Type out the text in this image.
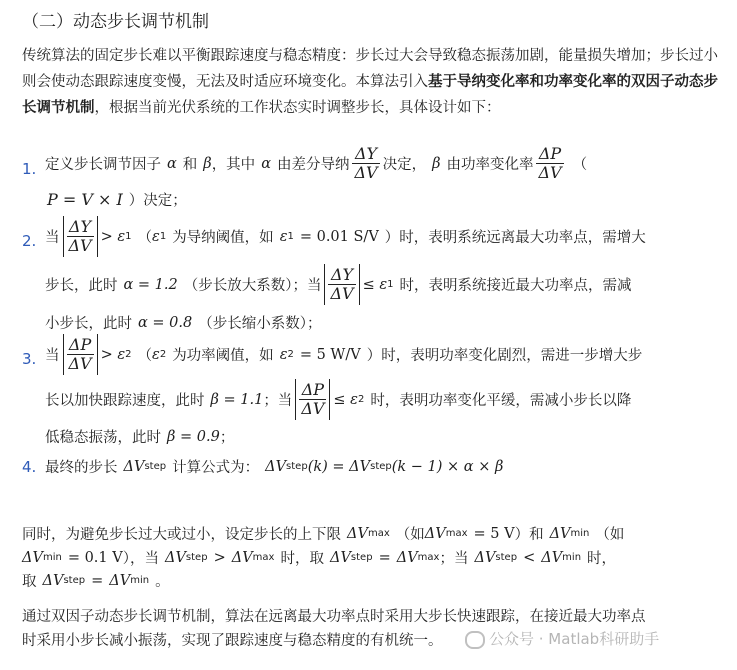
（二）动态步长调节机制
传统算法的固定步长难以平衡跟踪速度与稳态精度：步长过大会导致稳态振荡加剧，能量损失增加；步长过小则会使动态跟踪速度变慢，无法及时适应环境变化。本算法引入基于导纳变化率和功率变化率的双因子动态步长调节机制，根据当前光伏系统的工作状态实时调整步长，具体设计如下：
1. 定义步长调节因子 α 和 β ，其中 α 由差分导纳 $\frac{\Delta Y}{\Delta V}$ 决定， β 由功率变化率 $\frac{\Delta P}{\Delta V}$ （
P = V × I ）决定；
2. 当 $\frac{\Delta Y}{\Delta V} > \varepsilon$ 1 （ ε 1 为导纳阈值，如 ε 1 = 0.01 S/V ）时，表明系统远离最大功率点，需增大
步长，此时 α = 1.2 （步长放大系数）；当 $\frac{\Delta Y}{\Delta V} \le \varepsilon$ 1 时，表明系统接近最大功率点，需减
小步长，此时 α = 0.8 （步长缩小系数）；
3. 当 $\frac{\Delta P}{\Delta V} > \varepsilon$ 2 （ ε 2 为功率阈值，如 ε 2 = 5 W/V ）时，表明功率变化剧烈，需进一步增大步
长以加快跟踪速度，此时 β = 1.1 ；当 $\frac{\Delta P}{\Delta V} \le \varepsilon$ 2 时，表明功率变化平缓，需减小步长以降
低稳态振荡，此时 β = 0.9 ；
4. 最终的步长 ΔV step 计算公式为： ΔV step (k) = ΔV step (k − 1) × α × β
同时，为避免步长过大或过小，设定步长的上下限 ΔV max （如 ΔV max = 5 V ）和 ΔV min （如
ΔV min = 0.1 V ），当 ΔV step > ΔV max 时，取 ΔV step = ΔV max ；当 ΔV step < ΔV min 时，
取 ΔV step = ΔV min 。
通过双因子动态步长调节机制，算法在远离最大功率点时采用大步长快速跟踪，在接近最大功率点
时采用小步长减小振荡，实现了跟踪速度与稳态精度的有机统一。	公众号 · Matlab科研助手
